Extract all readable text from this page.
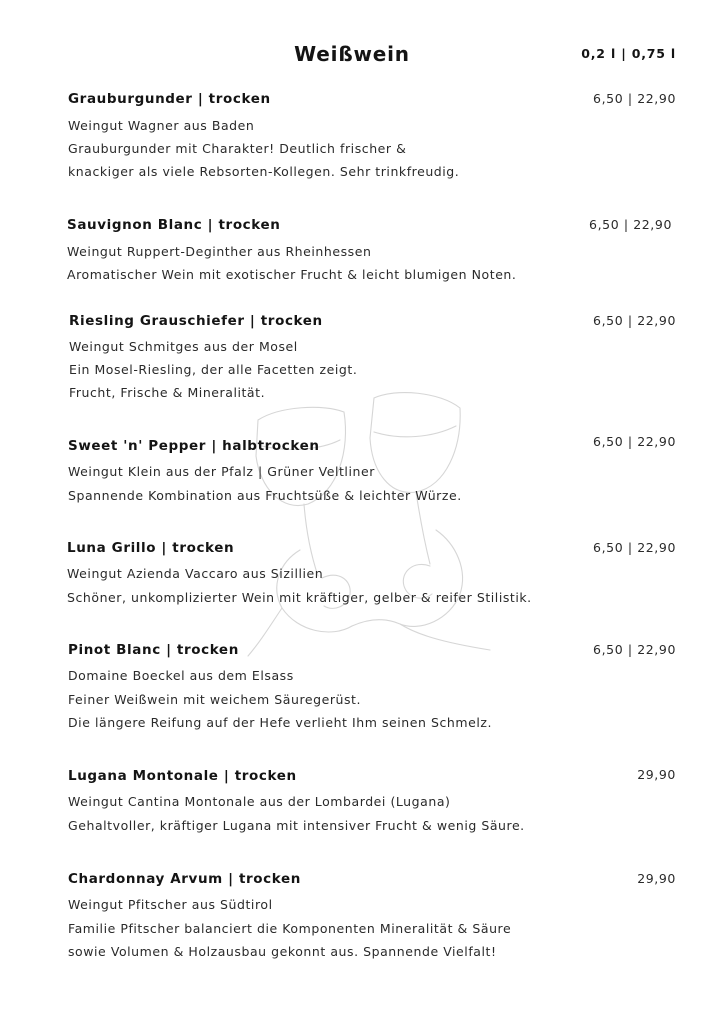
Weißwein	0,2 l | 0,75 l
Grauburgunder | trocken	6,50 | 22,90
Weingut Wagner aus Baden
Grauburgunder mit Charakter! Deutlich frischer &
knackiger als viele Rebsorten-Kollegen. Sehr trinkfreudig.
Sauvignon Blanc | trocken	6,50 | 22,90
Weingut Ruppert-Deginther aus Rheinhessen
Aromatischer Wein mit exotischer Frucht & leicht blumigen Noten.
Riesling Grauschiefer | trocken	6,50 | 22,90
Weingut Schmitges aus der Mosel
Ein Mosel-Riesling, der alle Facetten zeigt.
Frucht, Frische & Mineralität.
Sweet 'n' Pepper | halbtrocken	6,50 | 22,90
Weingut Klein aus der Pfalz | Grüner Veltliner
Spannende Kombination aus Fruchtsüße & leichter Würze.
Luna Grillo | trocken	6,50 | 22,90
Weingut Azienda Vaccaro aus Sizillien
Schöner, unkomplizierter Wein mit kräftiger, gelber & reifer Stilistik.
Pinot Blanc | trocken	6,50 | 22,90
Domaine Boeckel aus dem Elsass
Feiner Weißwein mit weichem Säuregerüst.
Die längere Reifung auf der Hefe verlieht Ihm seinen Schmelz.
Lugana Montonale | trocken	29,90
Weingut Cantina Montonale aus der Lombardei (Lugana)
Gehaltvoller, kräftiger Lugana mit intensiver Frucht & wenig Säure.
Chardonnay Arvum | trocken	29,90
Weingut Pfitscher aus Südtirol
Familie Pfitscher balanciert die Komponenten Mineralität & Säure
sowie Volumen & Holzausbau gekonnt aus. Spannende Vielfalt!
